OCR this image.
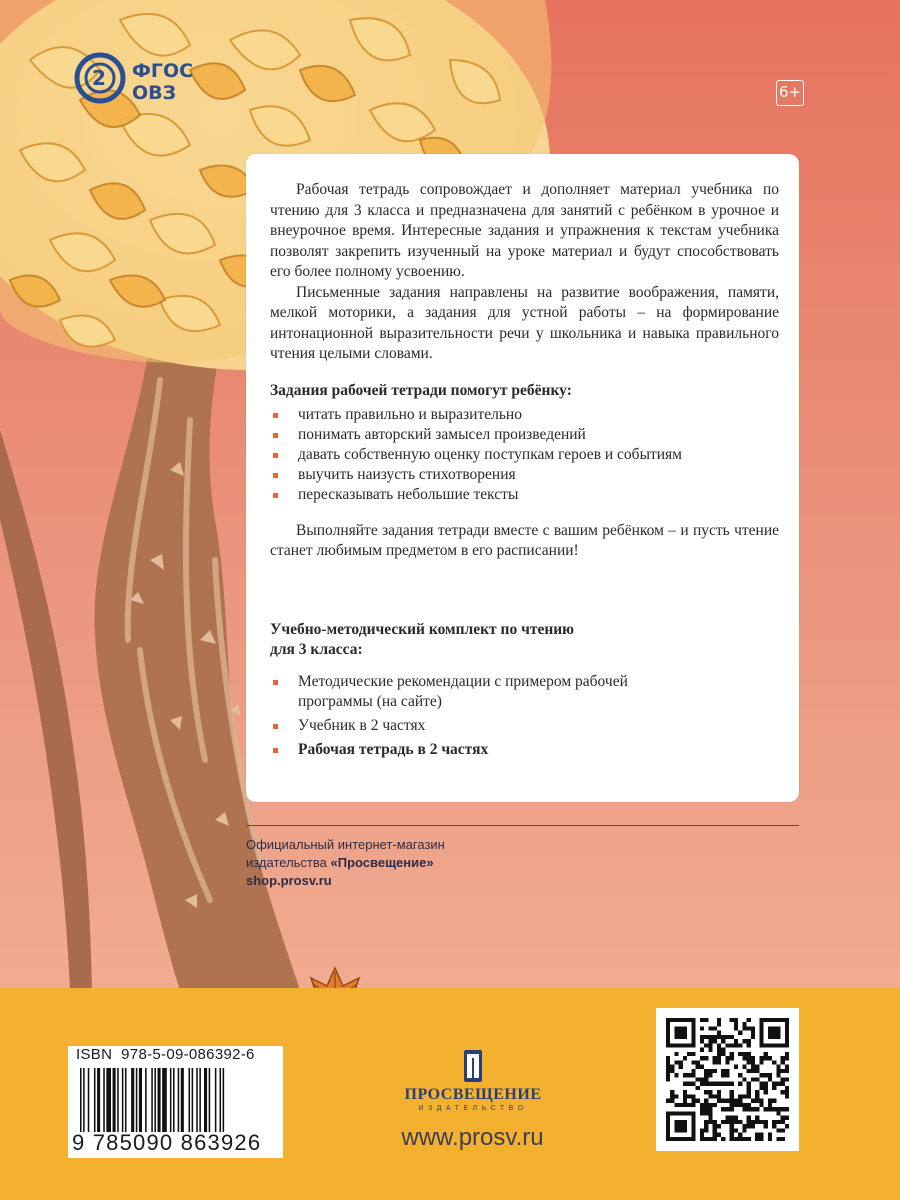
2 ФГОС
ОВЗ	6+

Рабочая тетрадь сопровождает и дополняет материал учебника по чтению для 3 класса и предназначена для занятий с ребёнком в урочное и внеурочное время. Интересные задания и упражнения к текстам учебника позволят закрепить изученный на уроке материал и будут способствовать его более полному усвоению.

Письменные задания направлены на развитие воображения, памяти, мелкой моторики, а задания для устной работы – на формирование интонационной выразительности речи у школьника и навыка правильного чтения целыми словами.

Задания рабочей тетради помогут ребёнку:

читать правильно и выразительно
понимать авторский замысел произведений
давать собственную оценку поступкам героев и событиям
выучить наизусть стихотворения
пересказывать небольшие тексты

Выполняйте задания тетради вместе с вашим ребёнком – и пусть чтение станет любимым предметом в его расписании!

Учебно-методический комплект по чтению
для 3 класса:

Методические рекомендации с примером рабочей программы (на сайте)
Учебник в 2 частях
Рабочая тетрадь в 2 частях
Официальный интернет-магазин
издательства «Просвещение»
shop.prosv.ru
ISBN 978-5-09-086392-6
9 785090 863926
ПРОСВЕЩЕНИЕ
ИЗДАТЕЛЬСТВО
www.prosv.ru
